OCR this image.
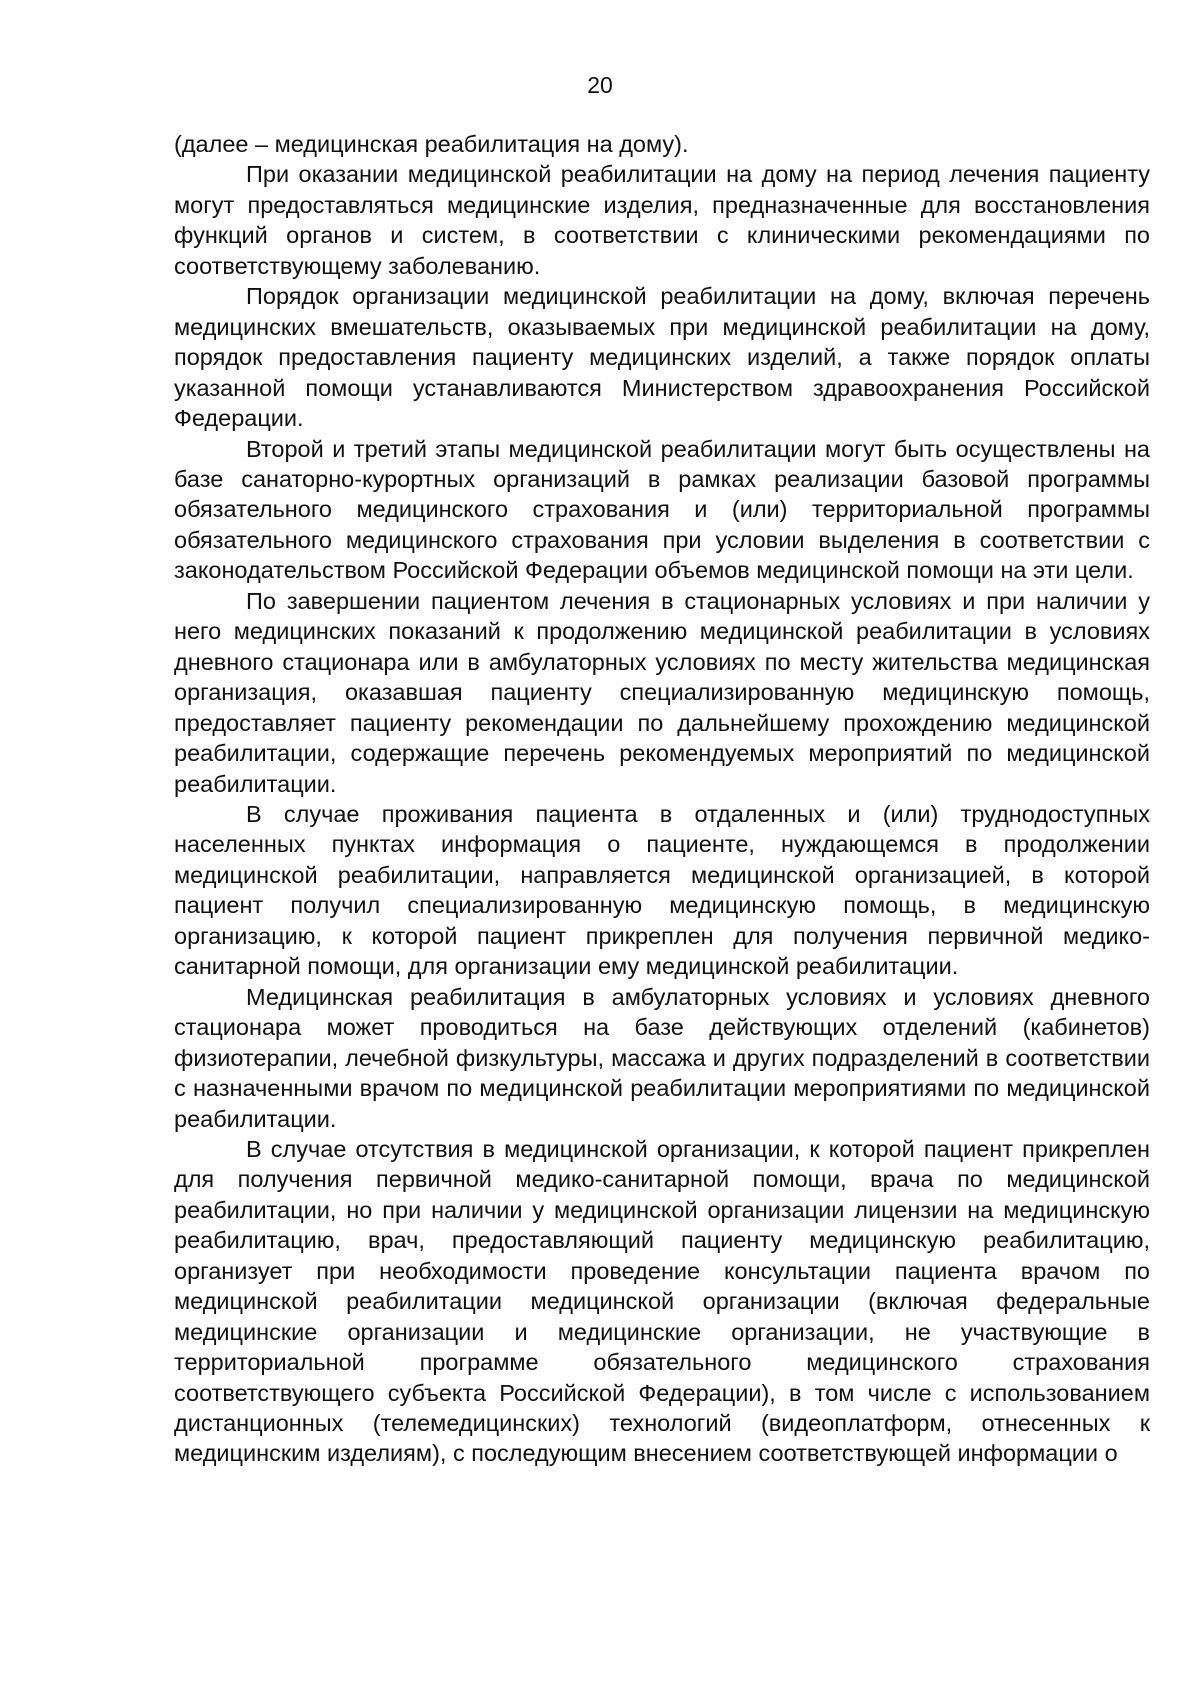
20

(далее – медицинская реабилитация на дому).

При оказании медицинской реабилитации на дому на период лечения пациенту могут предоставляться медицинские изделия, предназначенные для восстановления функций органов и систем, в соответствии с клиническими рекомендациями по соответствующему заболеванию.

Порядок организации медицинской реабилитации на дому, включая перечень медицинских вмешательств, оказываемых при медицинской реабилитации на дому, порядок предоставления пациенту медицинских изделий, а также порядок оплаты указанной помощи устанавливаются Министерством здравоохранения Российской Федерации.

Второй и третий этапы медицинской реабилитации могут быть осуществлены на базе санаторно-курортных организаций в рамках реализации базовой программы обязательного медицинского страхования и (или) территориальной программы обязательного медицинского страхования при условии выделения в соответствии с законодательством Российской Федерации объемов медицинской помощи на эти цели.

По завершении пациентом лечения в стационарных условиях и при наличии у него медицинских показаний к продолжению медицинской реабилитации в условиях дневного стационара или в амбулаторных условиях по месту жительства медицинская организация, оказавшая пациенту специализированную медицинскую помощь, предоставляет пациенту рекомендации по дальнейшему прохождению медицинской реабилитации, содержащие перечень рекомендуемых мероприятий по медицинской реабилитации.

В случае проживания пациента в отдаленных и (или) труднодоступных населенных пунктах информация о пациенте, нуждающемся в продолжении медицинской реабилитации, направляется медицинской организацией, в которой пациент получил специализированную медицинскую помощь, в медицинскую организацию, к которой пациент прикреплен для получения первичной медико-санитарной помощи, для организации ему медицинской реабилитации.

Медицинская реабилитация в амбулаторных условиях и условиях дневного стационара может проводиться на базе действующих отделений (кабинетов) физиотерапии, лечебной физкультуры, массажа и других подразделений в соответствии с назначенными врачом по медицинской реабилитации мероприятиями по медицинской реабилитации.

В случае отсутствия в медицинской организации, к которой пациент прикреплен для получения первичной медико-санитарной помощи, врача по медицинской реабилитации, но при наличии у медицинской организации лицензии на медицинскую реабилитацию, врач, предоставляющий пациенту медицинскую реабилитацию, организует при необходимости проведение консультации пациента врачом по медицинской реабилитации медицинской организации (включая федеральные медицинские организации и медицинские организации, не участвующие в территориальной программе обязательного медицинского страхования соответствующего субъекта Российской Федерации), в том числе с использованием дистанционных (телемедицинских) технологий (видеоплатформ, отнесенных к медицинским изделиям), с последующим внесением соответствующей информации о
